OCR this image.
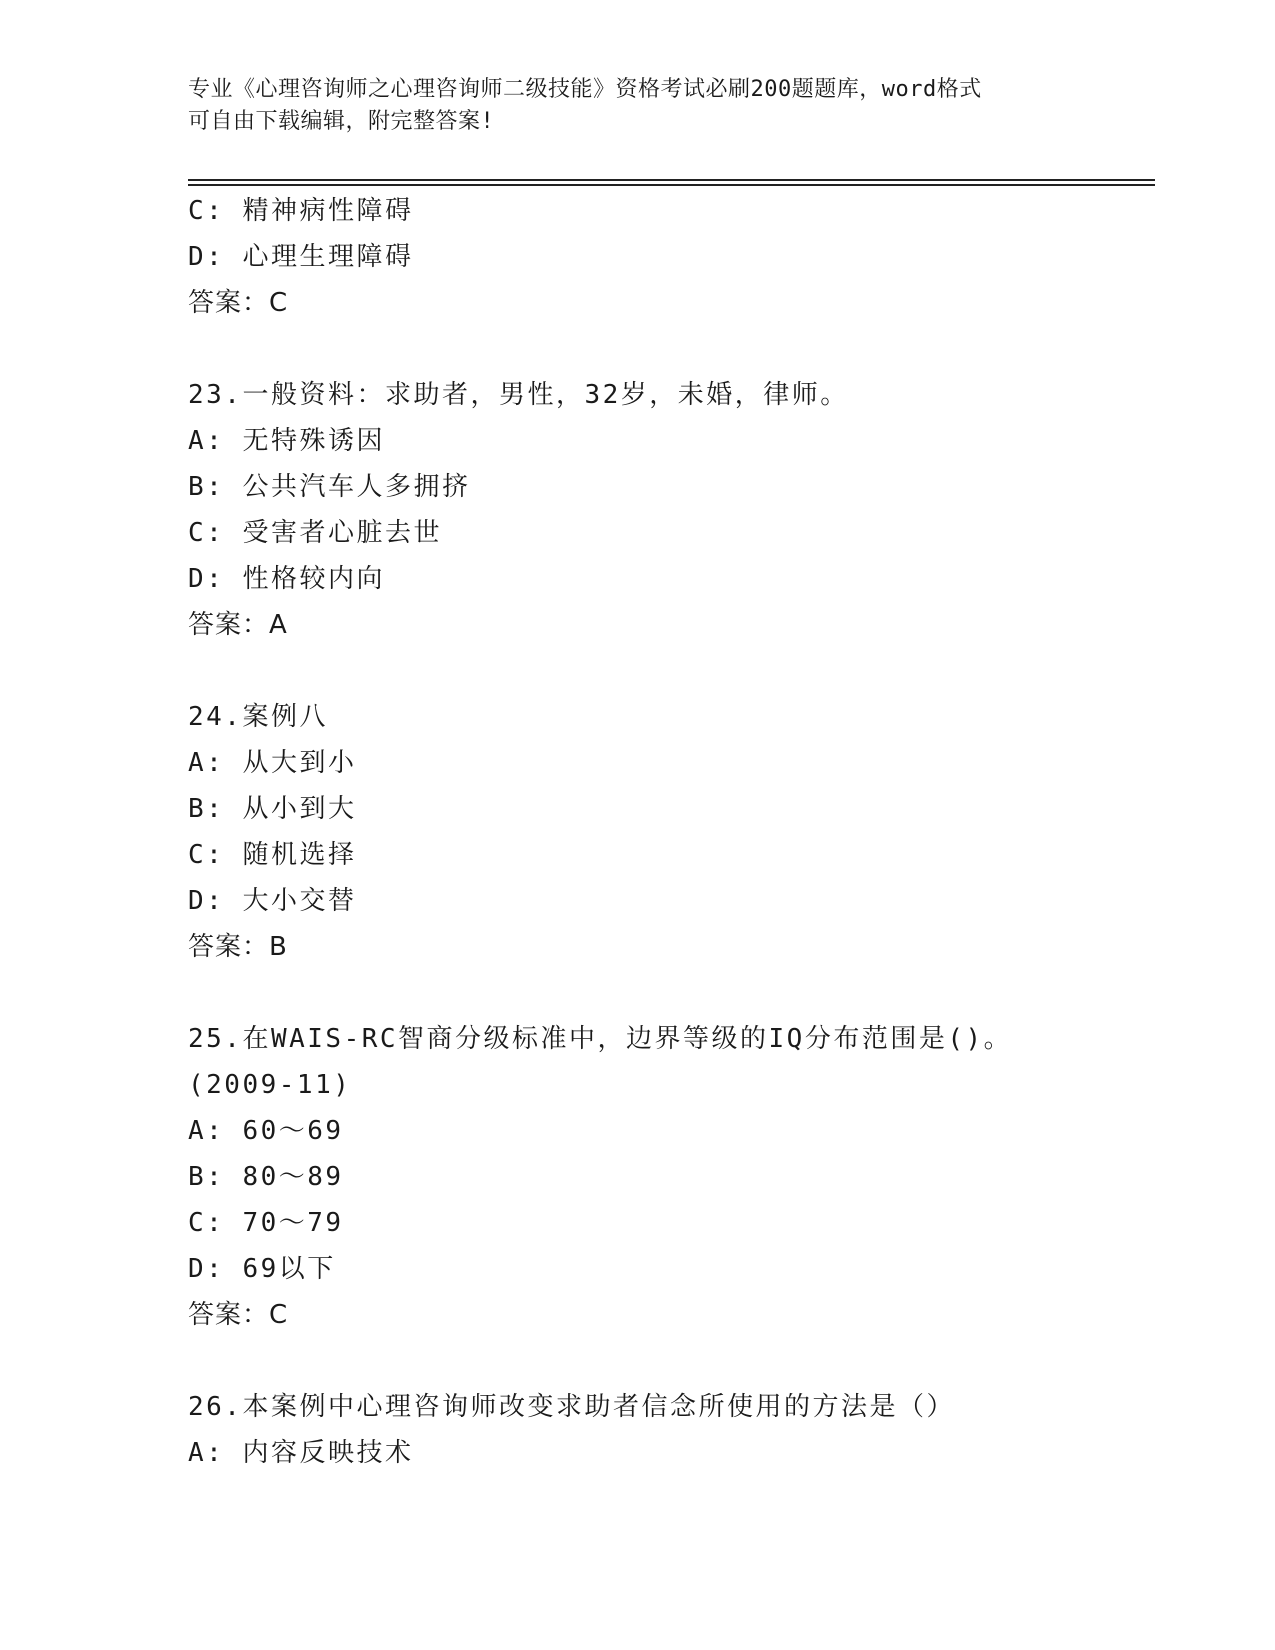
专业《心理咨询师之心理咨询师二级技能》资格考试必刷200题题库，word格式
可自由下载编辑，附完整答案!
C: 精神病性障碍
D: 心理生理障碍
答案：C
23.一般资料：求助者，男性，32岁，未婚，律师。
A: 无特殊诱因
B: 公共汽车人多拥挤
C: 受害者心脏去世
D: 性格较内向
答案：A
24.案例八
A: 从大到小
B: 从小到大
C: 随机选择
D: 大小交替
答案：B
25.在WAIS-RC智商分级标准中，边界等级的IQ分布范围是()。
(2009-11)
A: 60～69
B: 80～89
C: 70～79
D: 69以下
答案：C
26.本案例中心理咨询师改变求助者信念所使用的方法是（）
A: 内容反映技术
